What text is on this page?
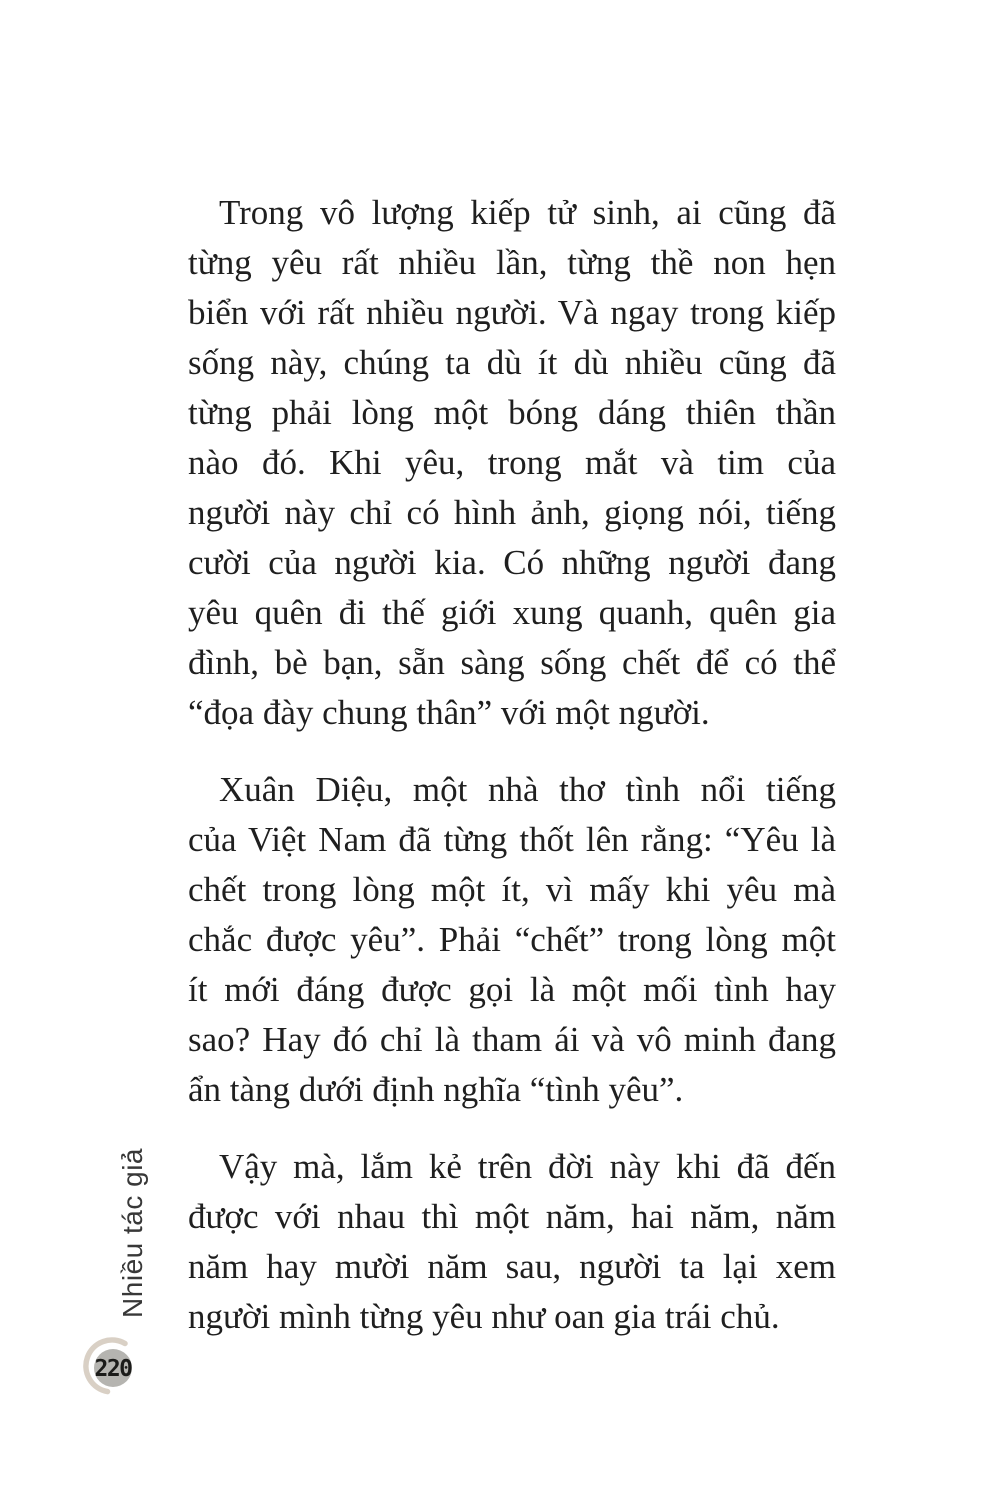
Trong vô lượng kiếp tử sinh, ai cũng đã
từng yêu rất nhiều lần, từng thề non hẹn
biển với rất nhiều người. Và ngay trong kiếp
sống này, chúng ta dù ít dù nhiều cũng đã
từng phải lòng một bóng dáng thiên thần
nào đó. Khi yêu, trong mắt và tim của
người này chỉ có hình ảnh, giọng nói, tiếng
cười của người kia. Có những người đang
yêu quên đi thế giới xung quanh, quên gia
đình, bè bạn, sẵn sàng sống chết để có thể
“đọa đày chung thân” với một người.
Xuân Diệu, một nhà thơ tình nổi tiếng
của Việt Nam đã từng thốt lên rằng: “Yêu là
chết trong lòng một ít, vì mấy khi yêu mà
chắc được yêu”. Phải “chết” trong lòng một
ít mới đáng được gọi là một mối tình hay
sao? Hay đó chỉ là tham ái và vô minh đang
ẩn tàng dưới định nghĩa “tình yêu”.
Vậy mà, lắm kẻ trên đời này khi đã đến
được với nhau thì một năm, hai năm, năm
năm hay mười năm sau, người ta lại xem
người mình từng yêu như oan gia trái chủ.
Nhiều tác giả
220
